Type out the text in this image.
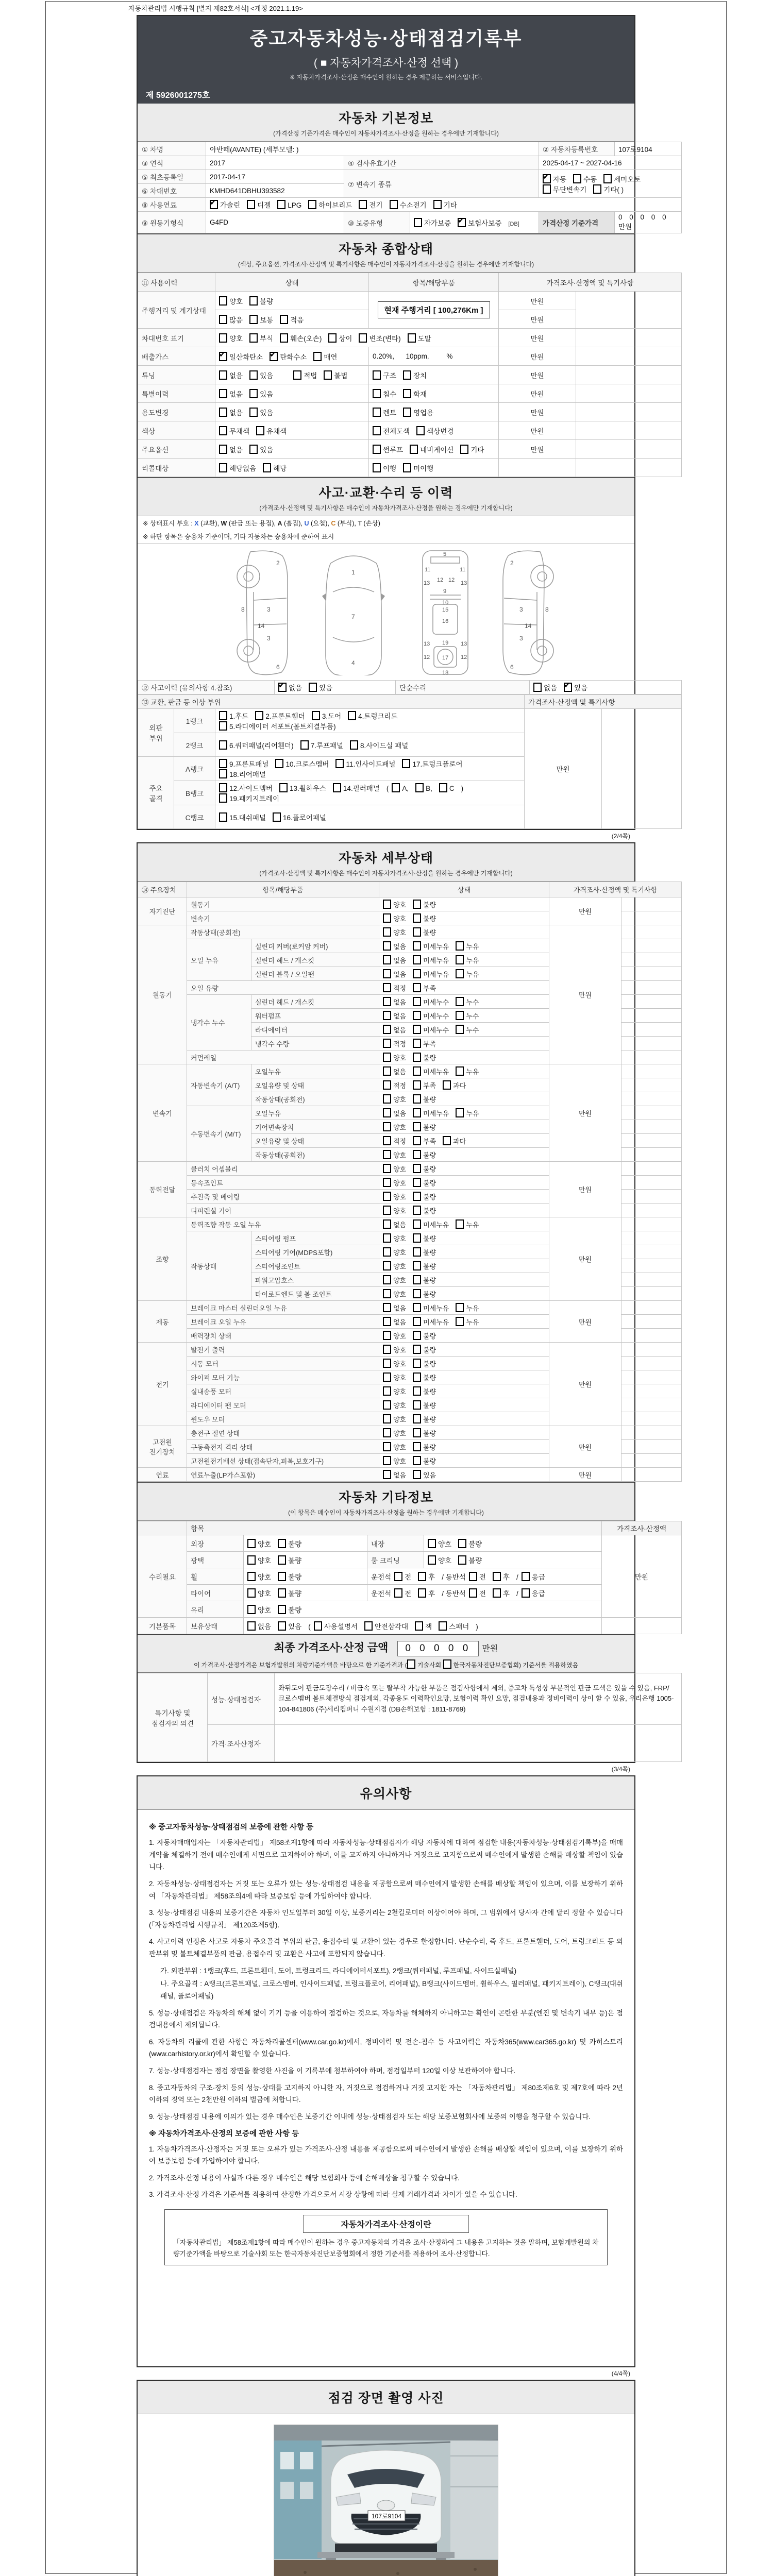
자동차관리법 시행규칙 [별지 제82호서식] <개정 2021.1.19>
중고자동차성능·상태점검기록부
( ■ 자동차가격조사·산정 선택 )
※ 자동차가격조사·산정은 매수인이 원하는 경우 제공하는 서비스입니다.
제 5926001275호
자동차 기본정보
(가격산정 기준가격은 매수인이 자동차가격조사·산정을 원하는 경우에만 기재합니다)
① 차명	아반떼(AVANTE) (세부모델: )			② 자동차등록번호	107로9104
③ 연식	2017	④ 검사유효기간		2025-04-17 ~ 2027-04-16	
⑤ 최초등록일	2017-04-17	⑦ 변속기 종류	✔자동 수동 세미오토
무단변속기 기타( )
⑥ 차대번호	KMHD641DBHU393582				
⑧ 사용연료	✔가솔린 디젤 LPG 하이브리드 전기 수소전기 기타
⑨ 원동기형식	G4FD	⑩ 보증유형	자가보증 ✔ 보험사보증 [DB]	가격산정 기준가격	0 0 0 0 0 만원
자동차 종합상태
(색상, 주요옵션, 가격조사·산정액 및 특기사항은 매수인이 자동차가격조사·산정을 원하는 경우에만 기재합니다)
⑪ 사용이력	상태	항목/해당부품	가격조사·산정액 및 특기사항	
주행거리 및 계기상태	양호 불량	현재 주행거리 [ 100,276Km ]	만원	
	많음 보통 적음		만원	
차대번호 표기	양호 부식 훼손(오손) 상이 변조(변타) 도말		만원	
배출가스	✔일산화탄소 ✔ 탄화수소 매연	0.20%,      10ppm,         %	만원	
튜닝	없음 있음 적법 불법	구조 장치	만원	
특별이력	없음 있음	침수 화재	만원	
용도변경	없음 있음	렌트 영업용	만원	
색상	무채색 유채색	전체도색 색상변경	만원	
주요옵션	없음 있음	썬루프 네비게이션 기타	만원	
리콜대상	해당없음 해당	이행 미이행		
사고·교환·수리 등 이력
(가격조사·산정액 및 특기사항은 매수인이 자동차가격조사·산정을 원하는 경우에만 기재합니다)
※ 상태표시 부호 : X (교환), W (판금 또는 용접), A (흠집), U (요철), C (부식), T (손상)
※ 하단 항목은 승용차 기준이며, 기타 자동차는 승용차에 준하여 표시
2
8	3
14
3
6
1
7
4
5
11	11
13	13
12 12
9
10
15
16
19
13	13
12	12
17
18
2
8
3
14
3
6
⑫ 사고이력 (유의사항 4.참조)	✔없음 있음	단순수리	없음 ✔ 있음
⑬ 교환, 판금 등 이상 부위			가격조사·산정액 및 특기사항	
외판 부위	1랭크	1.후드 2.프론트휀더 3.도어 4.트렁크리드
5.라디에이터 서포트(볼트체결부품)	만원	
	2랭크	6.쿼터패널(리어휀더) 7.루프패널 8.사이드실 패널		
주요 골격	A랭크	9.프론트패널 10.크로스멤버 11.인사이드패널 17.트렁크플로어
18.리어패널		
	B랭크	12.사이드멤버 13.휠하우스 14.필러패널 ( A, B, C )
19.패키지트레이		
	C랭크	15.대쉬패널 16.플로어패널		
(2/4쪽)
자동차 세부상태
(가격조사·산정액 및 특기사항은 매수인이 자동차가격조사·산정을 원하는 경우에만 기재합니다)
⑭ 주요장치	항목/해당부품		상태	가격조사·산정액 및 특기사항	
자기진단	원동기		양호 불량	만원	
	변속기		양호 불량		
원동기	작동상태(공회전)		양호 불량	만원	
	오일 누유	실린더 커버(로커암 커버)	없음 미세누유 누유		
		실린더 헤드 / 개스킷	없음 미세누유 누유		
		실린더 블록 / 오일팬	없음 미세누유 누유		
	오일 유량		적정 부족		
	냉각수 누수	실린더 헤드 / 개스킷	없음 미세누수 누수		
		워터펌프	없음 미세누수 누수		
		라디에이터	없음 미세누수 누수		
		냉각수 수량	적정 부족		
	커먼레일		양호 불량		
변속기	자동변속기 (A/T)	오일누유	없음 미세누유 누유	만원	
		오일유량 및 상태	적정 부족 과다		
		작동상태(공회전)	양호 불량		
	수동변속기 (M/T)	오일누유	없음 미세누유 누유		
		기어변속장치	양호 불량		
		오일유량 및 상태	적정 부족 과다		
		작동상태(공회전)	양호 불량		
동력전달	클러치 어셈블리		양호 불량	만원	
	등속조인트		양호 불량		
	추진축 및 베어링		양호 불량		
	디퍼렌셜 기어		양호 불량		
조향	동력조향 작동 오일 누유		없음 미세누유 누유	만원	
	작동상태	스티어링 펌프	양호 불량		
		스티어링 기어(MDPS포함)	양호 불량		
		스티어링조인트	양호 불량		
		파워고압호스	양호 불량		
		타이로드엔드 및 볼 조인트	양호 불량		
제동	브레이크 마스터 실린더오일 누유		없음 미세누유 누유	만원	
	브레이크 오일 누유		없음 미세누유 누유		
	배력장치 상태		양호 불량		
전기	발전기 출력		양호 불량	만원	
	시동 모터		양호 불량		
	와이퍼 모터 기능		양호 불량		
	실내송풍 모터		양호 불량		
	라디에이터 팬 모터		양호 불량		
	윈도우 모터		양호 불량		
고전원 전기장치	충전구 절연 상태		양호 불량	만원	
	구동축전지 격리 상태		양호 불량		
	고전원전기배선 상태(접속단자,피복,보호기구)		양호 불량		
연료	연료누출(LP가스포함)		없음 있음	만원	
자동차 기타정보
(이 항목은 매수인이 자동차가격조사·산정을 원하는 경우에만 기재합니다)
	항목				가격조사·산정액
수리필요	외장	양호 불량	내장	양호 불량	만원
	광택	양호 불량	룸 크리닝	양호 불량	
	휠	양호 불량	운전석 전 후 / 동반석 전 후 / 응급		
	타이어	양호 불량	운전석 전 후 / 동반석 전 후 / 응급		
	유리	양호 불량			
기본품목	보유상태	없음 있음 ( 사용설명서 안전삼각대 잭 스패너 )			
최종 가격조사·산정 금액 0 0 0 0 0 만원
이 가격조사·산정가격은 보험개발원의 차량기준가액을 바탕으로 한 기준가격과 ( 기술사회 한국자동차진단보증협회) 기준서를 적용하였음
특기사항 및 점검자의 의견	성능·상태점검자	좌뒤도어 판금도장수리 / 비금속 또는 탈부착 가능한 부품은 점검사항에서 제외, 중고차 특성상 부분적인 판금 도색은 있을 수 있음, FRP/크로스멤버 볼트체결방식 점검제외, 각종용도 이력확인요망, 보험이력 확인 요망, 점검내용과 정비이력이 상이 할 수 있음, 우리은행 1005-104-841806 (주)세리컴퍼니 수원지점 (DB손해보험 : 1811-8769)
	가격·조사산정자	
(3/4쪽)
유의사항
※ 중고자동차성능·상태점검의 보증에 관한 사항 등

1. 자동차매매업자는 「자동차관리법」 제58조제1항에 따라 자동차성능·상태점검자가 해당 자동차에 대하여 점검한 내용(자동차성능·상태점검기록부)을 매매계약을 체결하기 전에 매수인에게 서면으로 고지하여야 하며, 이를 고지하지 아니하거나 거짓으로 고지함으로써 매수인에게 발생한 손해를 배상할 책임이 있습니다.

2. 자동차성능·상태점검자는 거짓 또는 오류가 있는 성능·상태점검 내용을 제공함으로써 매수인에게 발생한 손해를 배상할 책임이 있으며, 이를 보장하기 위하여 「자동차관리법」 제58조의4에 따라 보증보험 등에 가입하여야 합니다.

3. 성능·상태점검 내용의 보증기간은 자동차 인도일부터 30일 이상, 보증거리는 2천킬로미터 이상이어야 하며, 그 범위에서 당사자 간에 달리 정할 수 있습니다(「자동차관리법 시행규칙」 제120조제5항).

4. 사고이력 인정은 사고로 자동차 주요골격 부위의 판금, 용접수리 및 교환이 있는 경우로 한정합니다. 단순수리, 즉 후드, 프론트휀더, 도어, 트렁크리드 등 외판부위 및 볼트체결부품의 판금, 용접수리 및 교환은 사고에 포함되지 않습니다.

가. 외판부위 : 1랭크(후드, 프론트휀더, 도어, 트렁크리드, 라디에이터서포트), 2랭크(쿼터패널, 루프패널, 사이드실패널)

나. 주요골격 : A랭크(프론트패널, 크로스멤버, 인사이드패널, 트렁크플로어, 리어패널), B랭크(사이드멤버, 휠하우스, 필러패널, 패키지트레이), C랭크(대쉬패널, 플로어패널)

5. 성능·상태점검은 자동차의 해체 없이 기기 등을 이용하여 점검하는 것으로, 자동차를 해체하지 아니하고는 확인이 곤란한 부분(엔진 및 변속기 내부 등)은 점검내용에서 제외됩니다.

6. 자동차의 리콜에 관한 사항은 자동차리콜센터(www.car.go.kr)에서, 정비이력 및 전손·침수 등 사고이력은 자동차365(www.car365.go.kr) 및 카히스토리(www.carhistory.or.kr)에서 확인할 수 있습니다.

7. 성능·상태점검자는 점검 장면을 촬영한 사진을 이 기록부에 첨부하여야 하며, 점검일부터 120일 이상 보관하여야 합니다.

8. 중고자동차의 구조·장치 등의 성능·상태를 고지하지 아니한 자, 거짓으로 점검하거나 거짓 고지한 자는 「자동차관리법」 제80조제6호 및 제7호에 따라 2년 이하의 징역 또는 2천만원 이하의 벌금에 처합니다.

9. 성능·상태점검 내용에 이의가 있는 경우 매수인은 보증기간 이내에 성능·상태점검자 또는 해당 보증보험회사에 보증의 이행을 청구할 수 있습니다.

※ 자동차가격조사·산정의 보증에 관한 사항 등

1. 자동차가격조사·산정자는 거짓 또는 오류가 있는 가격조사·산정 내용을 제공함으로써 매수인에게 발생한 손해를 배상할 책임이 있으며, 이를 보장하기 위하여 보증보험 등에 가입하여야 합니다.

2. 가격조사·산정 내용이 사실과 다른 경우 매수인은 해당 보험회사 등에 손해배상을 청구할 수 있습니다.

3. 가격조사·산정 가격은 기준서를 적용하여 산정한 가격으로서 시장 상황에 따라 실제 거래가격과 차이가 있을 수 있습니다.

자동차가격조사·산정이란
「자동차관리법」 제58조제1항에 따라 매수인이 원하는 경우 중고자동차의 가격을 조사·산정하여 그 내용을 고지하는 것을 말하며, 보험개발원의 차량기준가액을 바탕으로 기술사회 또는 한국자동차진단보증협회에서 정한 기준서를 적용하여 조사·산정합니다.
(4/4쪽)
점검 장면 촬영 사진
107로9104
